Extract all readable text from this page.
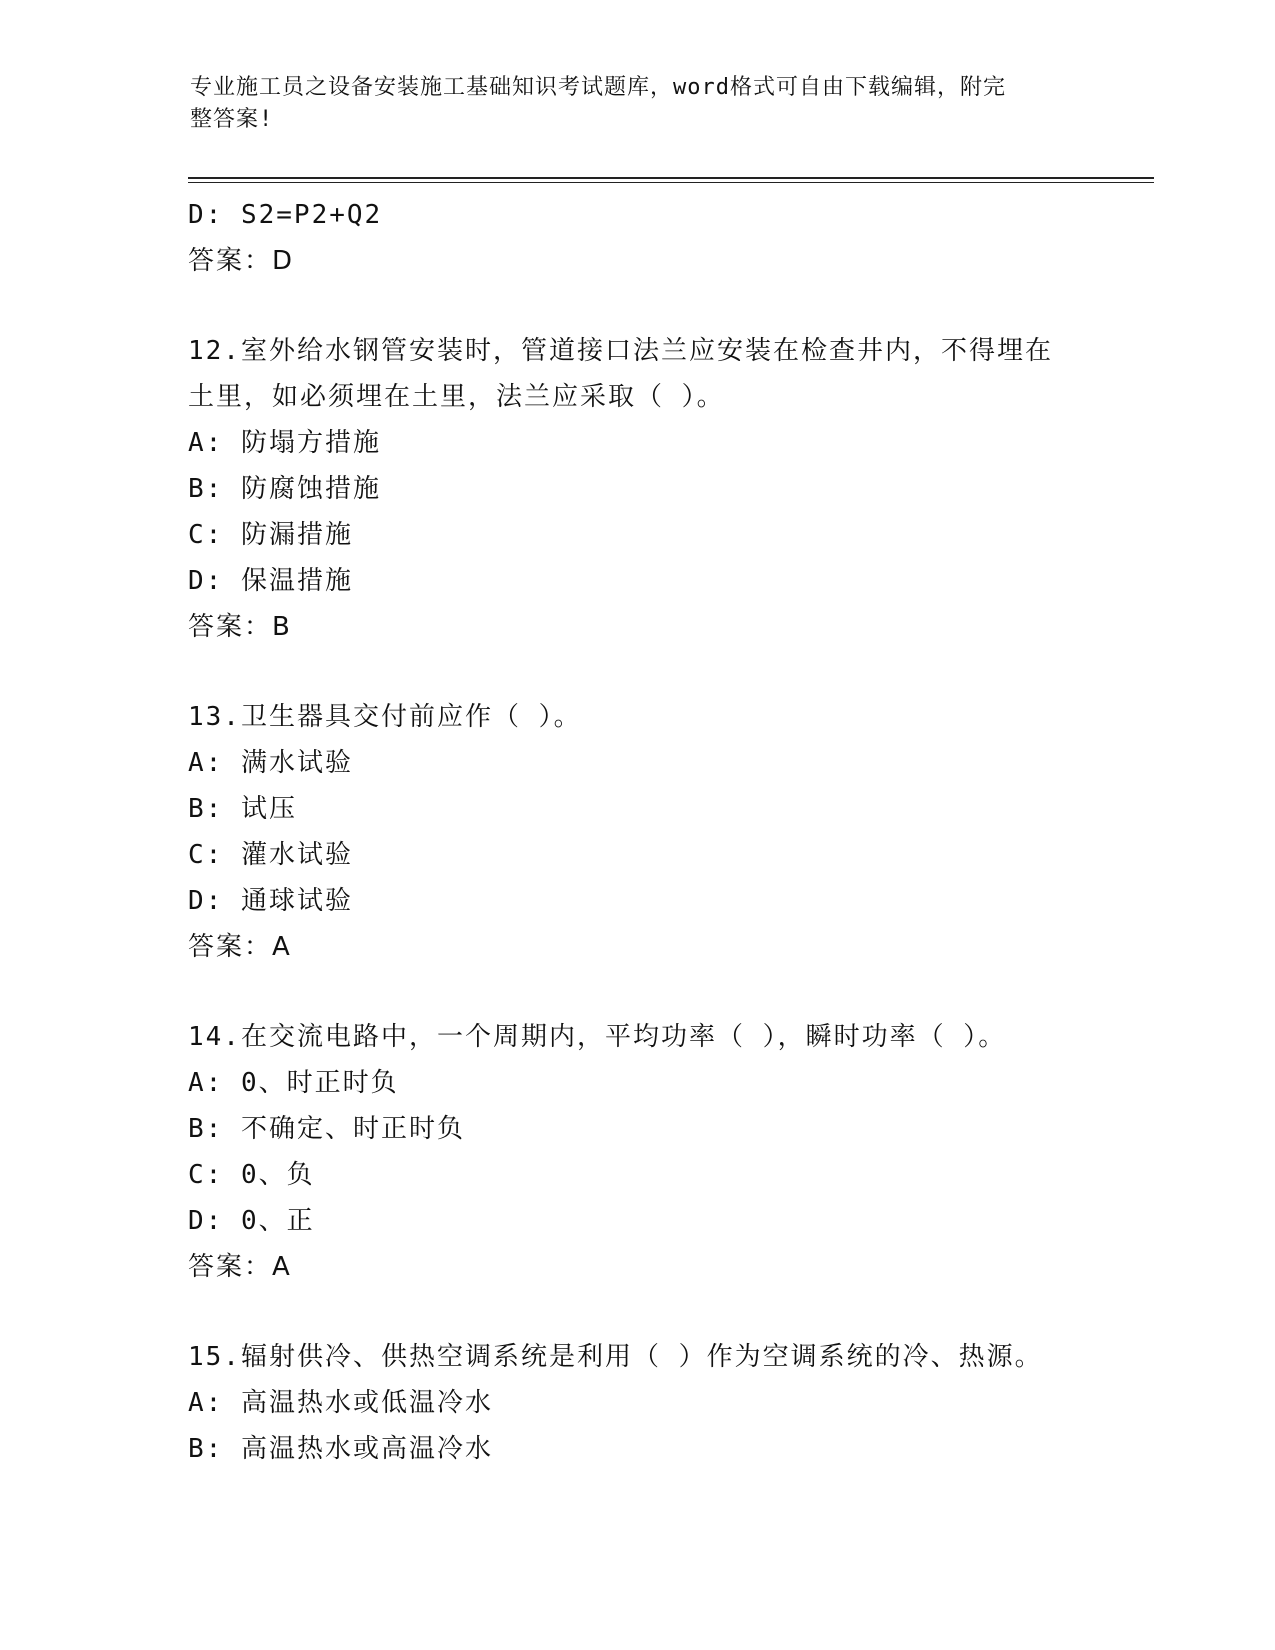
专业施工员之设备安装施工基础知识考试题库，word格式可自由下载编辑，附完
整答案!
D: S2=P2+Q2
答案：D
12.室外给水钢管安装时，管道接口法兰应安装在检查井内，不得埋在
土里，如必须埋在土里，法兰应采取（ ）。
A: 防塌方措施
B: 防腐蚀措施
C: 防漏措施
D: 保温措施
答案：B
13.卫生器具交付前应作（ ）。
A: 满水试验
B: 试压
C: 灌水试验
D: 通球试验
答案：A
14.在交流电路中，一个周期内，平均功率（ ），瞬时功率（ ）。
A: 0、时正时负
B: 不确定、时正时负
C: 0、负
D: 0、正
答案：A
15.辐射供冷、供热空调系统是利用（ ）作为空调系统的冷、热源。
A: 高温热水或低温冷水
B: 高温热水或高温冷水
